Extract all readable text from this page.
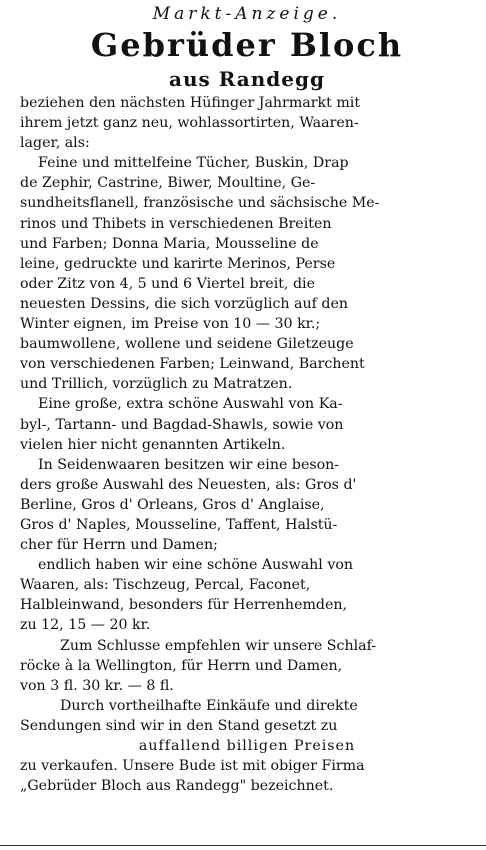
Markt-Anzeige.
Gebrüder Bloch
aus Randegg
beziehen den nächsten Hüfinger Jahrmarkt mit
ihrem jetzt ganz neu, wohlassortirten, Waaren-
lager, als:
Feine und mittelfeine Tücher, Buskin, Drap
de Zephir, Castrine, Biwer, Moultine, Ge-
sundheitsflanell, französische und sächsische Me-
rinos und Thibets in verschiedenen Breiten
und Farben; Donna Maria, Mousseline de
leine, gedruckte und karirte Merinos, Perse
oder Zitz von 4, 5 und 6 Viertel breit, die
neuesten Dessins, die sich vorzüglich auf den
Winter eignen, im Preise von 10 — 30 kr.;
baumwollene, wollene und seidene Giletzeuge
von verschiedenen Farben; Leinwand, Barchent
und Trillich, vorzüglich zu Matratzen.
Eine große, extra schöne Auswahl von Ka-
byl-, Tartann- und Bagdad-Shawls, sowie von
vielen hier nicht genannten Artikeln.
In Seidenwaaren besitzen wir eine beson-
ders große Auswahl des Neuesten, als: Gros d'
Berline, Gros d' Orleans, Gros d' Anglaise,
Gros d' Naples, Mousseline, Taffent, Halstü-
cher für Herrn und Damen;
endlich haben wir eine schöne Auswahl von
Waaren, als: Tischzeug, Percal, Faconet,
Halbleinwand, besonders für Herrenhemden,
zu 12, 15 — 20 kr.
Zum Schlusse empfehlen wir unsere Schlaf-
röcke à la Wellington, für Herrn und Damen,
von 3 fl. 30 kr. — 8 fl.
Durch vortheilhafte Einkäufe und direkte
Sendungen sind wir in den Stand gesetzt zu
auffallend billigen Preisen
zu verkaufen. Unsere Bude ist mit obiger Firma
„Gebrüder Bloch aus Randegg" bezeichnet.
